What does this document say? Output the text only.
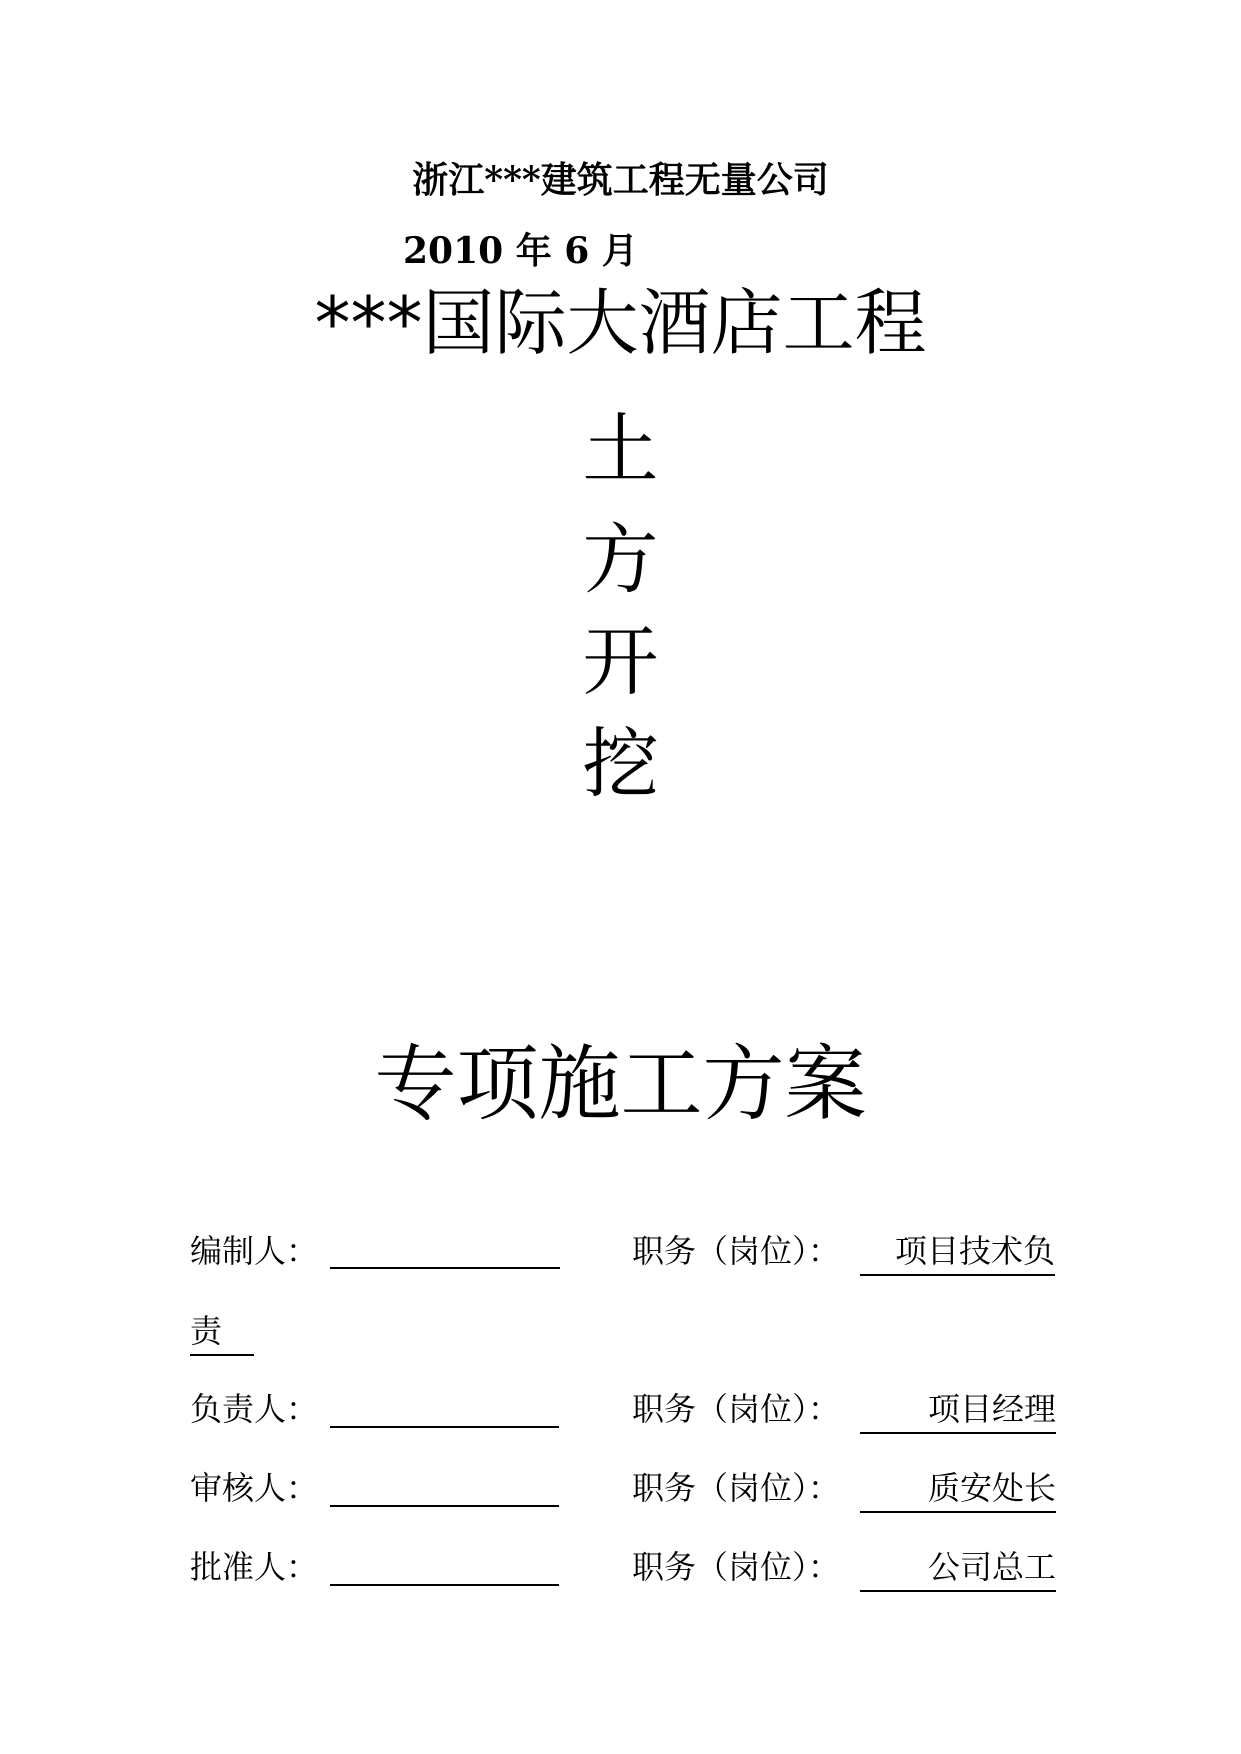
浙江***建筑工程无量公司
2010 年 6 月
***国际大酒店工程
土
方
开
挖
专项施工方案
编制人：	职务（岗位）：	项目技术负
责
负责人：	职务（岗位）：	项目经理
审核人：	职务（岗位）：	质安处长
批准人：	职务（岗位）：	公司总工
